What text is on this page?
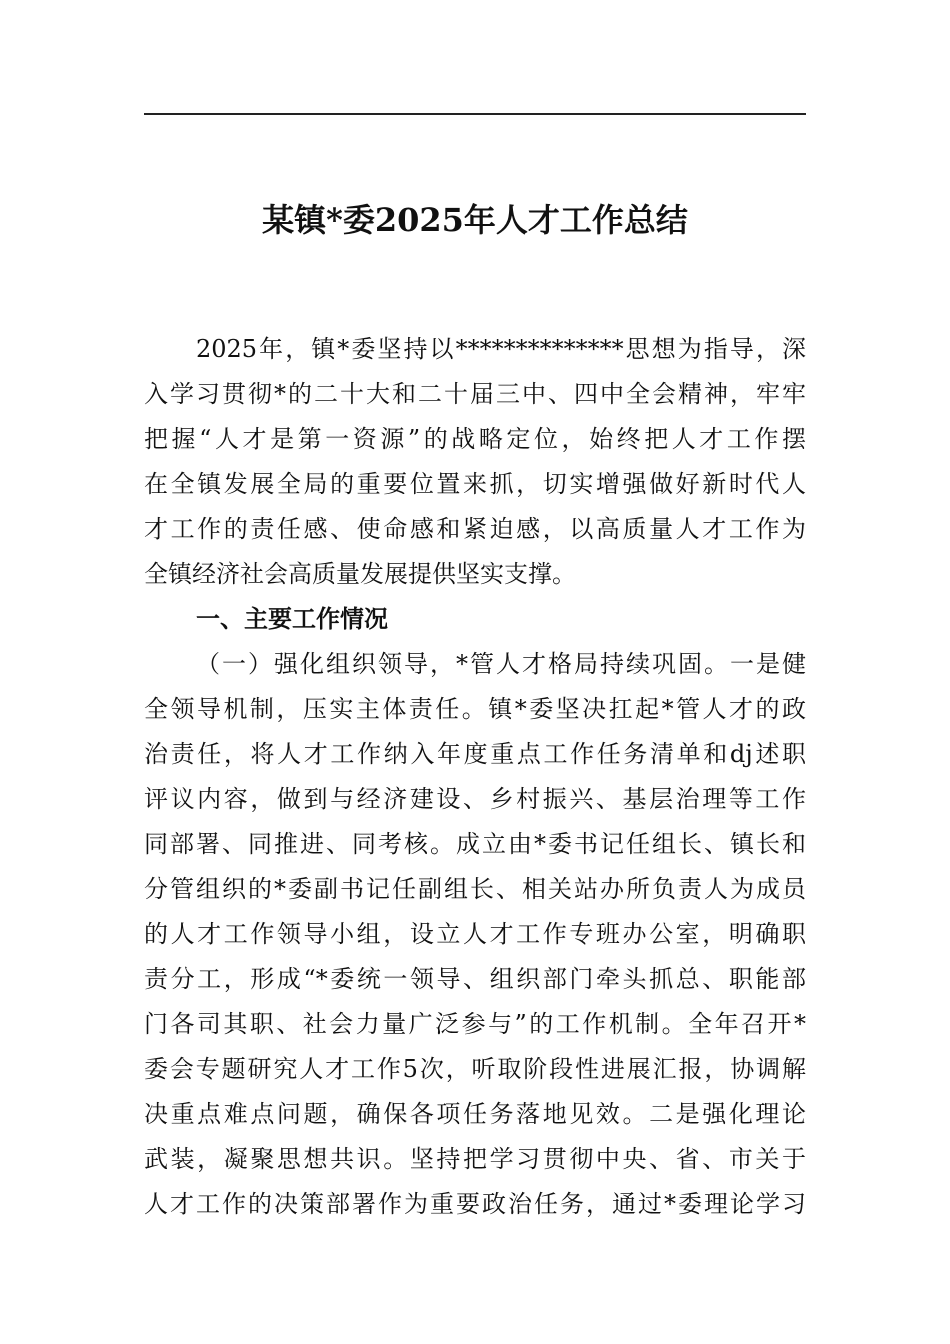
某镇*委2025年人才工作总结
2025年，镇*委坚持以**************思想为指导，深
入学习贯彻*的二十大和二十届三中、四中全会精神，牢牢
把握“人才是第一资源”的战略定位，始终把人才工作摆
在全镇发展全局的重要位置来抓，切实增强做好新时代人
才工作的责任感、使命感和紧迫感，以高质量人才工作为
全镇经济社会高质量发展提供坚实支撑。
一、主要工作情况
（一）强化组织领导，*管人才格局持续巩固。一是健
全领导机制，压实主体责任。镇*委坚决扛起*管人才的政
治责任，将人才工作纳入年度重点工作任务清单和dj述职
评议内容，做到与经济建设、乡村振兴、基层治理等工作
同部署、同推进、同考核。成立由*委书记任组长、镇长和
分管组织的*委副书记任副组长、相关站办所负责人为成员
的人才工作领导小组，设立人才工作专班办公室，明确职
责分工，形成“*委统一领导、组织部门牵头抓总、职能部
门各司其职、社会力量广泛参与”的工作机制。全年召开*
委会专题研究人才工作5次，听取阶段性进展汇报，协调解
决重点难点问题，确保各项任务落地见效。二是强化理论
武装，凝聚思想共识。坚持把学习贯彻中央、省、市关于
人才工作的决策部署作为重要政治任务，通过*委理论学习
